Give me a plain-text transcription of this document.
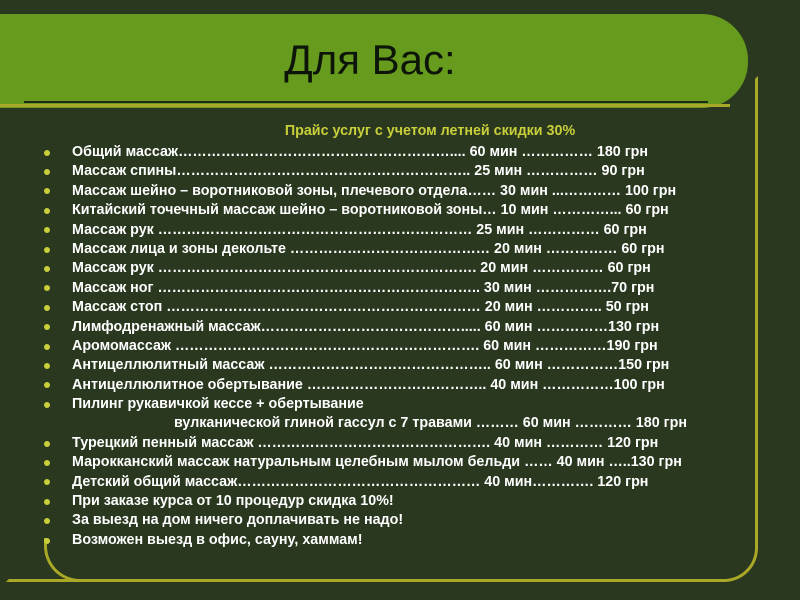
Для Вас:
Прайс услуг с учетом летней скидки 30%
Общий массаж………………………………………………….... 60 мин …………… 180 грн
Массаж спины…………………………………………………….. 25 мин …………… 90 грн
Массаж шейно – воротниковой зоны, плечевого отдела…… 30 мин ...………… 100 грн
Китайский точечный массаж шейно – воротниковой зоны… 10 мин …………... 60 грн
Массаж рук ………………………………………………………… 25 мин …………… 60 грн
Массаж лица и зоны декольте …………………………………… 20 мин …………… 60 грн
Массаж рук …………………………………………………………. 20 мин …………… 60 грн
Массаж ног ………………………………………………………….. 30 мин …………….70 грн
Массаж стоп ………………………………………………………… 20 мин ………….. 50 грн
Лимфодренажный массаж……………………………………..... 60 мин ……………130 грн
Аромомассаж ………………………………………………………. 60 мин ……………190 грн
Антицеллюлитный массаж ……………………………………….. 60 мин ……………150 грн
Антицеллюлитное обертывание ……………………………….. 40 мин ……………100 грн
Пилинг рукавичкой кессе + обертывание
вулканической глиной гассул с 7 травами ……… 60 мин ………… 180 грн
Турецкий пенный массаж …………………………………………. 40 мин ………… 120 грн
Марокканский массаж натуральным целебным мылом бельди …… 40 мин …..130 грн
Детский общий массаж…………………………………………… 40 мин…………. 120 грн
При заказе курса от 10 процедур скидка 10%!
За выезд на дом ничего доплачивать не надо!
Возможен выезд в офис, сауну, хаммам!
